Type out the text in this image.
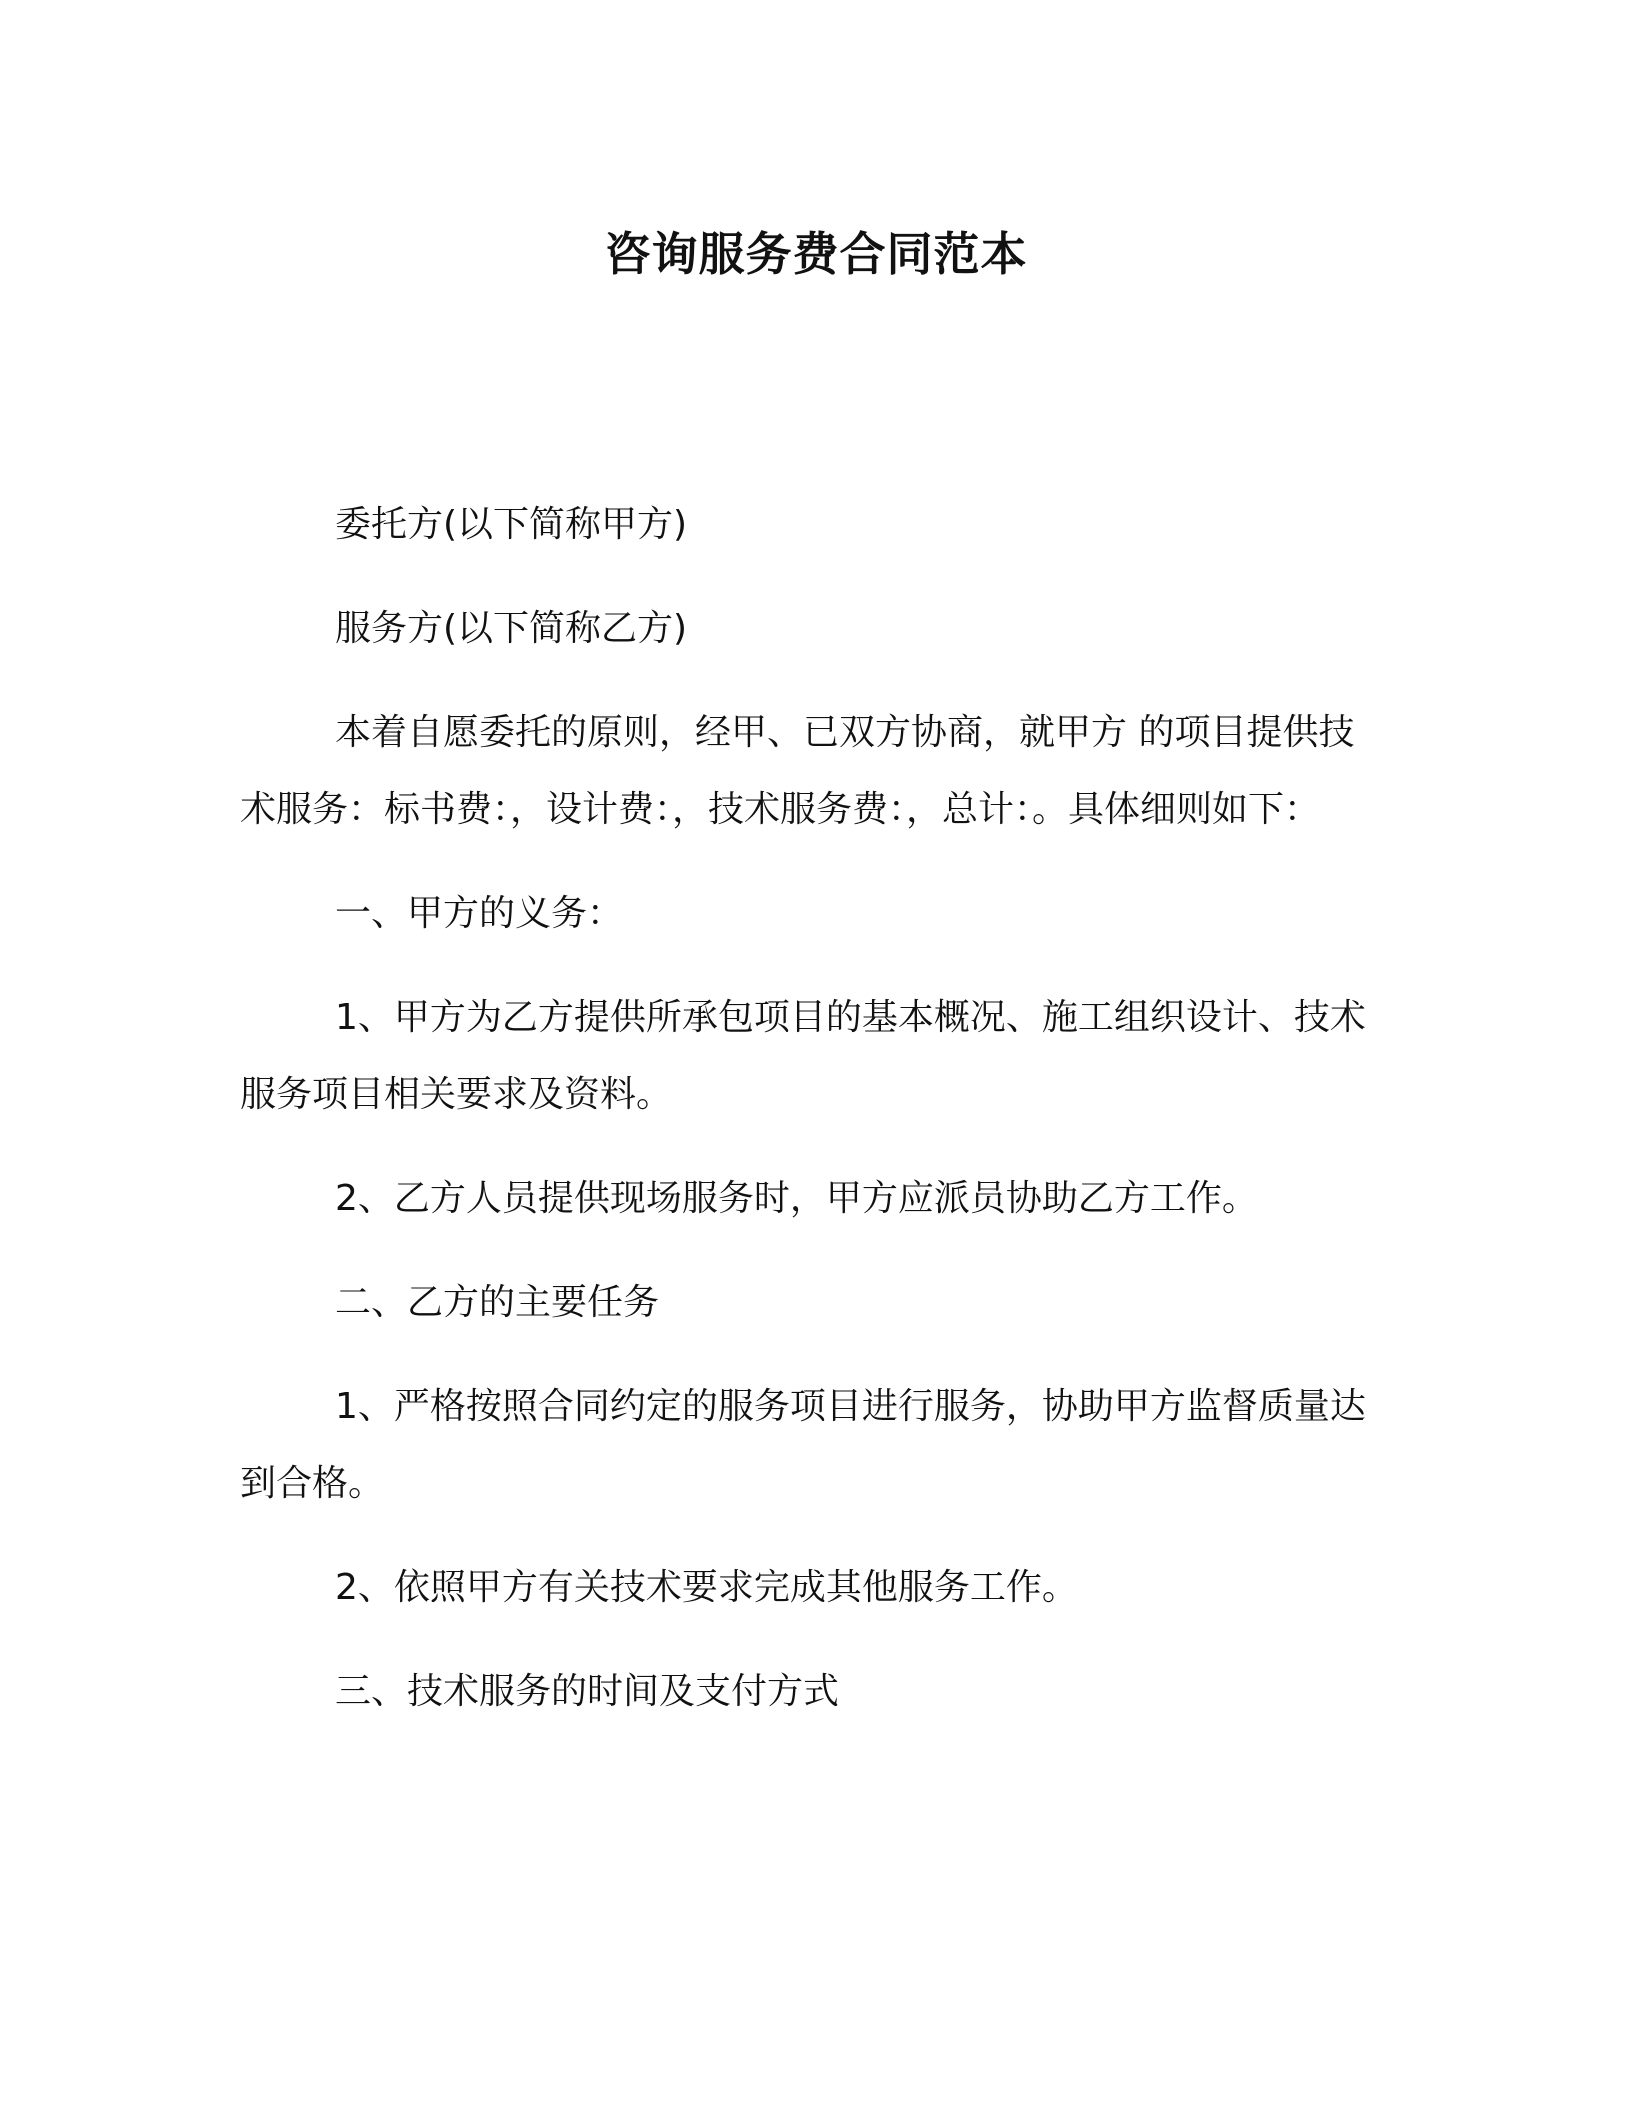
咨询服务费合同范本

委托方(以下简称甲方)

服务方(以下简称乙方)

本着自愿委托的原则，经甲、已双方协商，就甲方 的项目提供技术服务：标书费：，设计费：，技术服务费：，总计：。具体细则如下：

一、甲方的义务：

1、甲方为乙方提供所承包项目的基本概况、施工组织设计、技术服务项目相关要求及资料。

2、乙方人员提供现场服务时，甲方应派员协助乙方工作。

二、乙方的主要任务

1、严格按照合同约定的服务项目进行服务，协助甲方监督质量达到合格。

2、依照甲方有关技术要求完成其他服务工作。

三、技术服务的时间及支付方式
